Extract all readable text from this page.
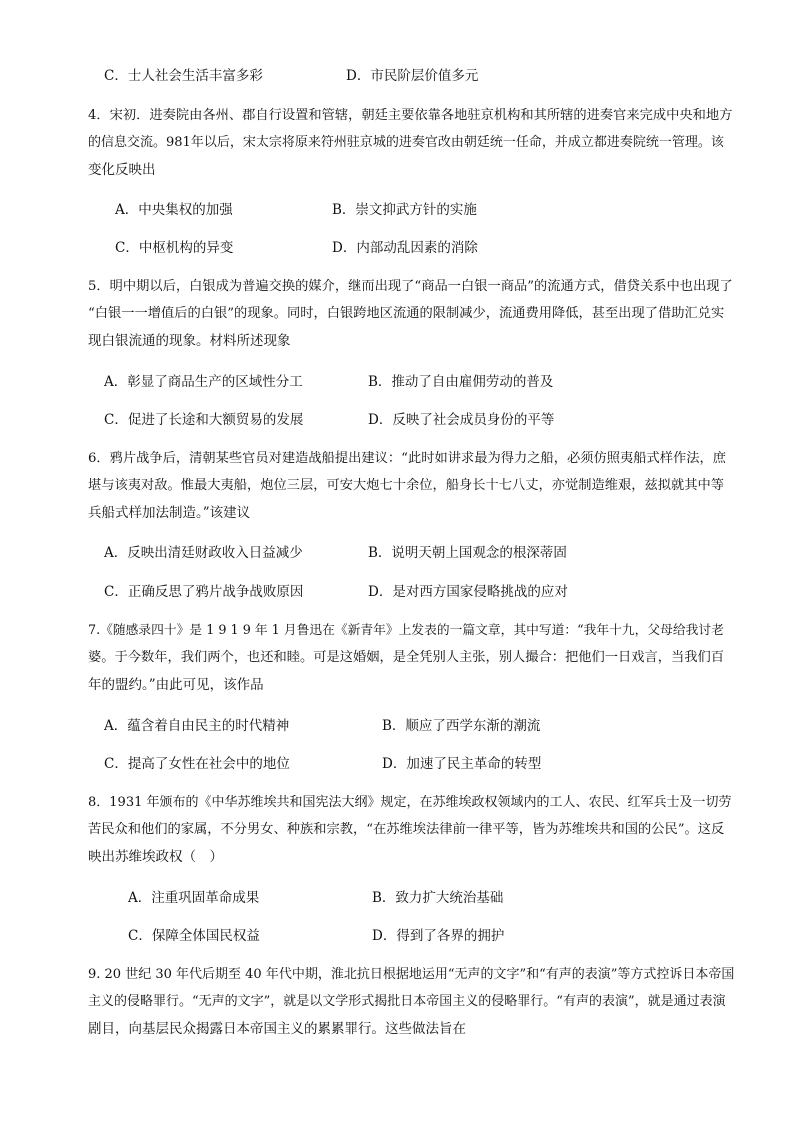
C．士人社会生活丰富多彩	D．市民阶层价值多元
4．宋初．进奏院由各州、郡自行设置和管辖，朝廷主要依靠各地驻京机构和其所辖的进奏官来完成中央和地方
的信息交流。981年以后，宋太宗将原来符州驻京城的进奏官改由朝廷统一任命，并成立都进奏院统一管理。该
变化反映出
A．中央集权的加强	B．崇文抑武方针的实施
C．中枢机构的异变	D．内部动乱因素的消除
5．明中期以后，白银成为普遍交换的媒介，继而出现了“商品一白银一商品”的流通方式，借贷关系中也出现了
“白银一一增值后的白银”的现象。同时，白银跨地区流通的限制减少，流通费用降低，甚至出现了借助汇兑实
现白银流通的现象。材料所述现象
A．彰显了商品生产的区域性分工	B．推动了自由雇佣劳动的普及
C．促进了长途和大额贸易的发展	D．反映了社会成员身份的平等
6．鸦片战争后，清朝某些官员对建造战船提出建议：“此时如讲求最为得力之船，必须仿照夷船式样作法，庶
堪与该夷对敌。惟最大夷船，炮位三层，可安大炮七十余位，船身长十七八丈，亦觉制造维艰，兹拟就其中等
兵船式样加法制造。”该建议
A．反映出清廷财政收入日益减少	B．说明天朝上国观念的根深蒂固
C．正确反思了鸦片战争战败原因	D．是对西方国家侵略挑战的应对
7.《随感录四十》是 1 9 1 9 年 1 月鲁迅在《新青年》上发表的一篇文章，其中写道：“我年十九，父母给我讨老
婆。于今数年，我们两个，也还和睦。可是这婚姻，是全凭别人主张，别人撮合：把他们一日戏言，当我们百
年的盟约。”由此可见，该作品
A．蕴含着自由民主的时代精神	B．顺应了西学东渐的潮流
C．提高了女性在社会中的地位	D．加速了民主革命的转型
8．1931 年颁布的《中华苏维埃共和国宪法大纲》规定，在苏维埃政权领域内的工人、农民、红军兵士及一切劳
苦民众和他们的家属，不分男女、种族和宗教，“在苏维埃法律前一律平等，皆为苏维埃共和国的公民”。这反
映出苏维埃政权（　）
A．注重巩固革命成果	B．致力扩大统治基础
C．保障全体国民权益	D．得到了各界的拥护
9. 20 世纪 30 年代后期至 40 年代中期，淮北抗日根据地运用“无声的文字”和“有声的表演”等方式控诉日本帝国
主义的侵略罪行。“无声的文字”，就是以文学形式揭批日本帝国主义的侵略罪行。“有声的表演”，就是通过表演
剧目，向基层民众揭露日本帝国主义的累累罪行。这些做法旨在
